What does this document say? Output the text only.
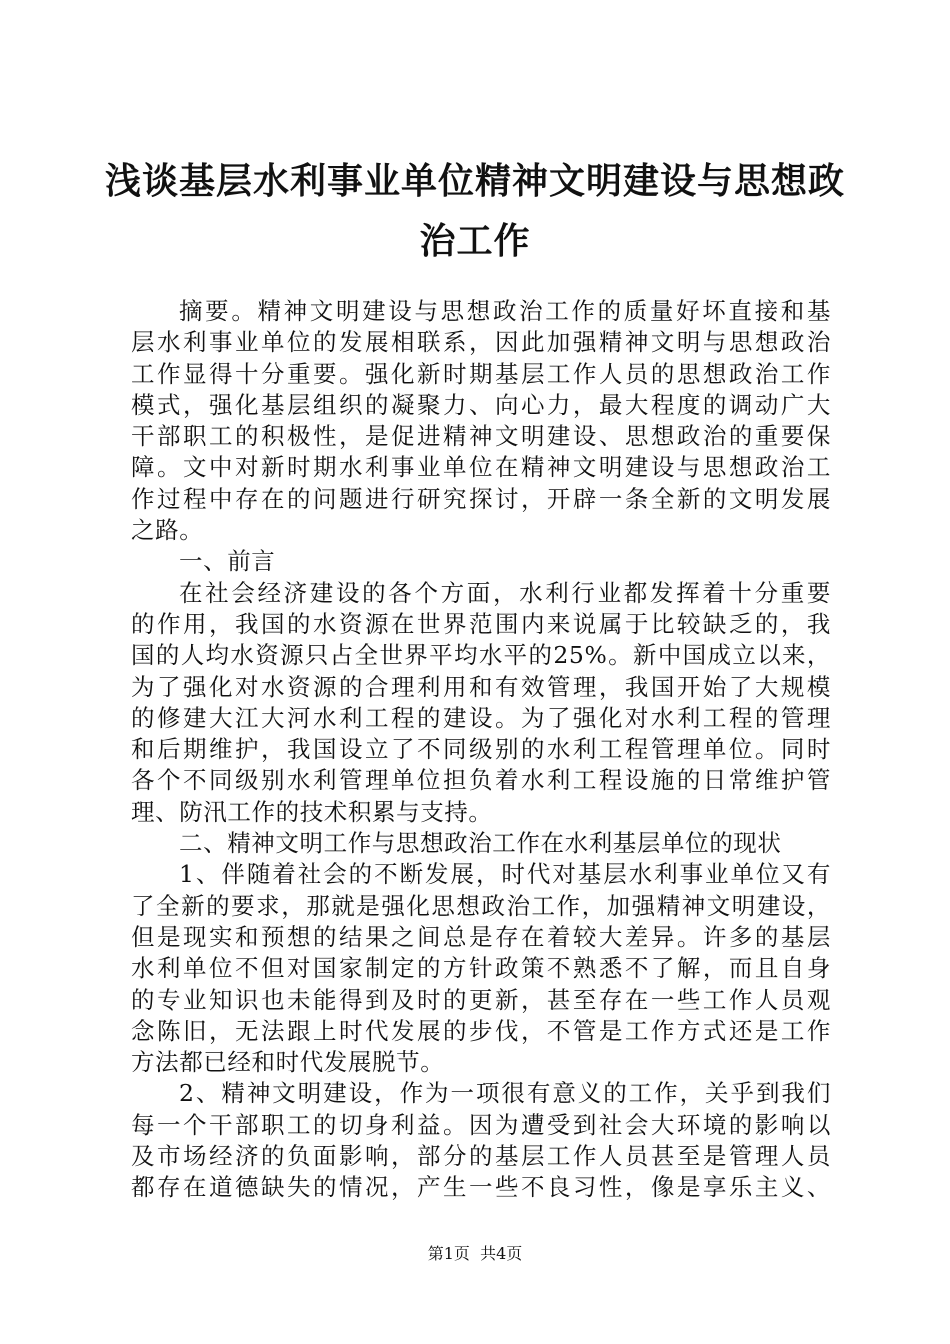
浅谈基层水利事业单位精神文明建设与思想政
治工作
摘要。精神文明建设与思想政治工作的质量好坏直接和基
层水利事业单位的发展相联系，因此加强精神文明与思想政治
工作显得十分重要。强化新时期基层工作人员的思想政治工作
模式，强化基层组织的凝聚力、向心力，最大程度的调动广大
干部职工的积极性，是促进精神文明建设、思想政治的重要保
障。文中对新时期水利事业单位在精神文明建设与思想政治工
作过程中存在的问题进行研究探讨，开辟一条全新的文明发展
之路。
一、前言
在社会经济建设的各个方面，水利行业都发挥着十分重要
的作用，我国的水资源在世界范围内来说属于比较缺乏的，我
国的人均水资源只占全世界平均水平的25%。新中国成立以来，
为了强化对水资源的合理利用和有效管理，我国开始了大规模
的修建大江大河水利工程的建设。为了强化对水利工程的管理
和后期维护，我国设立了不同级别的水利工程管理单位。同时
各个不同级别水利管理单位担负着水利工程设施的日常维护管
理、防汛工作的技术积累与支持。
二、精神文明工作与思想政治工作在水利基层单位的现状
1、伴随着社会的不断发展，时代对基层水利事业单位又有
了全新的要求，那就是强化思想政治工作，加强精神文明建设，
但是现实和预想的结果之间总是存在着较大差异。许多的基层
水利单位不但对国家制定的方针政策不熟悉不了解，而且自身
的专业知识也未能得到及时的更新，甚至存在一些工作人员观
念陈旧，无法跟上时代发展的步伐，不管是工作方式还是工作
方法都已经和时代发展脱节。
2、精神文明建设，作为一项很有意义的工作，关乎到我们
每一个干部职工的切身利益。因为遭受到社会大环境的影响以
及市场经济的负面影响，部分的基层工作人员甚至是管理人员
都存在道德缺失的情况，产生一些不良习性，像是享乐主义、
第1页  共4页
